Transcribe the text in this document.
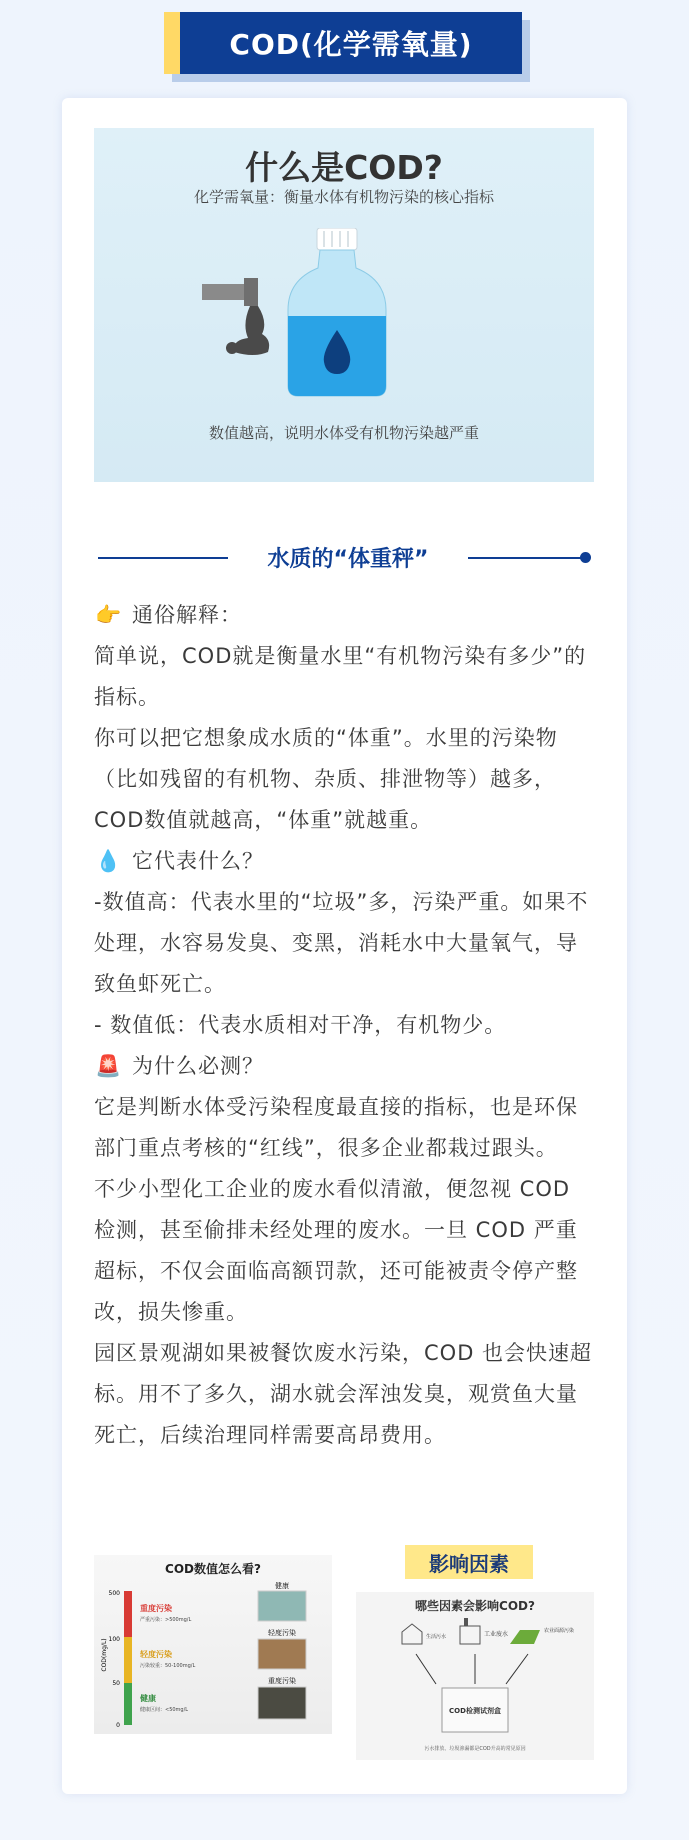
COD(化学需氧量)
什么是COD?
化学需氧量：衡量水体有机物污染的核心指标
数值越高，说明水体受有机物污染越严重
水质的“体重秤”

👉 通俗解释：

简单说，COD就是衡量水里“有机物污染有多少”的指标。

你可以把它想象成水质的“体重”。水里的污染物（比如残留的有机物、杂质、排泄物等）越多，COD数值就越高，“体重”就越重。

💧 它代表什么？

-数值高：代表水里的“垃圾”多，污染严重。如果不处理，水容易发臭、变黑，消耗水中大量氧气，导致鱼虾死亡。

- 数值低：代表水质相对干净，有机物少。

🚨 为什么必测？

它是判断水体受污染程度最直接的指标，也是环保部门重点考核的“红线”，很多企业都栽过跟头。

不少小型化工企业的废水看似清澈，便忽视 COD 检测，甚至偷排未经处理的废水。一旦 COD 严重超标，不仅会面临高额罚款，还可能被责令停产整改，损失惨重。

园区景观湖如果被餐饮废水污染，COD 也会快速超标。用不了多久，湖水就会浑浊发臭，观赏鱼大量死亡，后续治理同样需要高昂费用。

COD数值怎么看?
500
100
50
0
COD(mg/L)
重度污染
严重污染：>500mg/L
轻度污染
污染较重：50-100mg/L
健康
健康区间：<50mg/L
健康
轻度污染
重度污染
影响因素
哪些因素会影响COD?
生活污水	工业废水	农业面源污染
COD检测试剂盒
污水排放、垃圾渗漏都是COD升高的常见原因
